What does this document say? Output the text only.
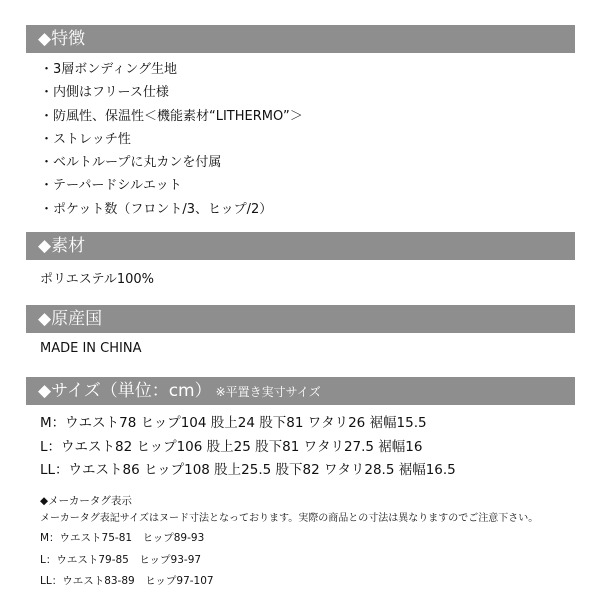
◆特徴
・3層ボンディング生地
・内側はフリース仕様
・防風性、保温性＜機能素材“LITHERMO”＞
・ストレッチ性
・ベルトループに丸カンを付属
・テーパードシルエット
・ポケット数（フロント/3、ヒップ/2）
◆素材
ポリエステル100%
◆原産国
MADE IN CHINA
◆サイズ（単位：cm） ※平置き実寸サイズ
M：ウエスト78 ヒップ104 股上24 股下81 ワタリ26 裾幅15.5
L：ウエスト82 ヒップ106 股上25 股下81 ワタリ27.5 裾幅16
LL：ウエスト86 ヒップ108 股上25.5 股下82 ワタリ28.5 裾幅16.5
◆メーカータグ表示
メーカータグ表記サイズはヌード寸法となっております。実際の商品との寸法は異なりますのでご注意下さい。
M：ウエスト75-81　ヒップ89-93
L：ウエスト79-85　ヒップ93-97
LL：ウエスト83-89　ヒップ97-107
